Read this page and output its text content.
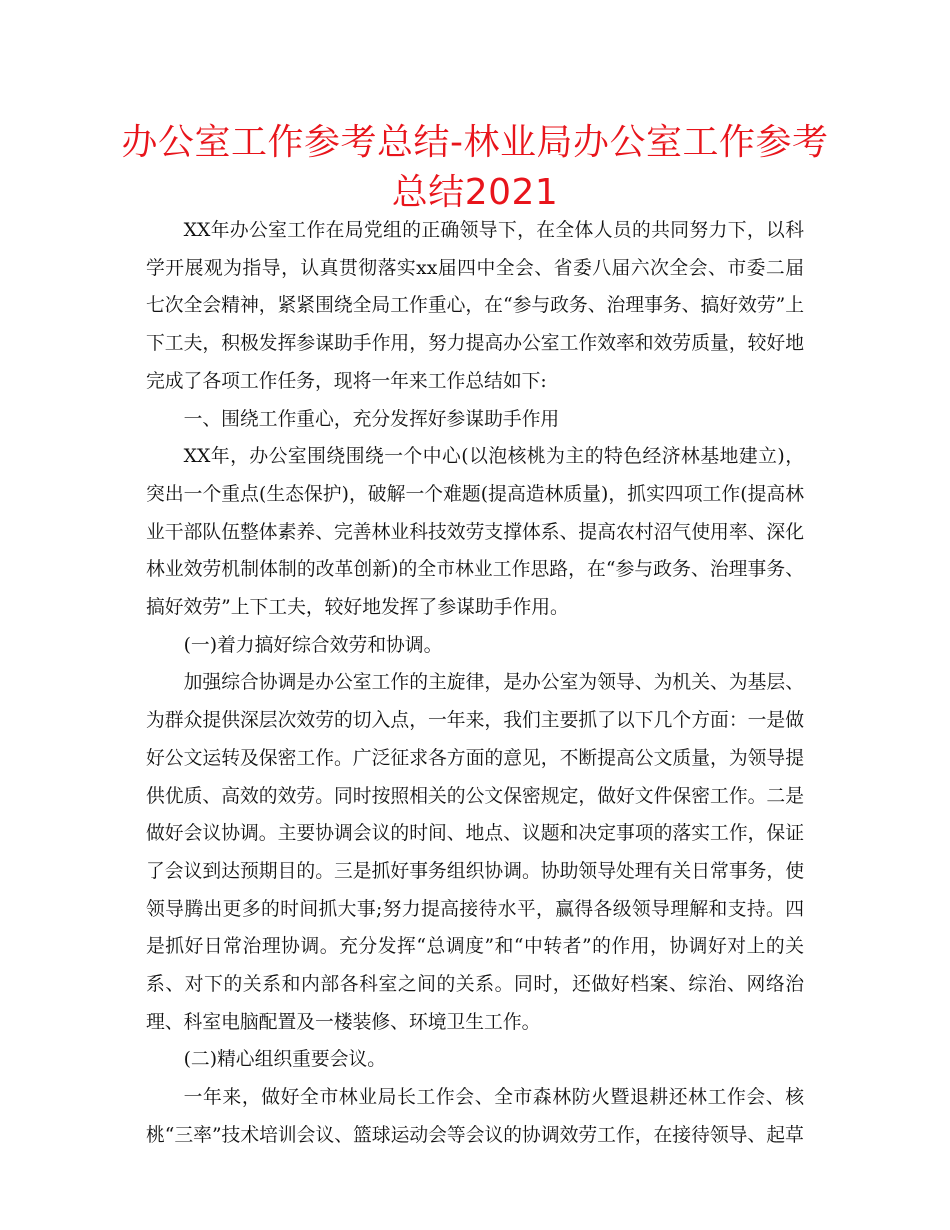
办公室工作参考总结-林业局办公室工作参考总结2021

XX年办公室工作在局党组的正确领导下，在全体人员的共同努力下，以科学开展观为指导，认真贯彻落实xx届四中全会、省委八届六次全会、市委二届七次全会精神，紧紧围绕全局工作重心，在“参与政务、治理事务、搞好效劳”上下工夫，积极发挥参谋助手作用，努力提高办公室工作效率和效劳质量，较好地完成了各项工作任务，现将一年来工作总结如下:

一、围绕工作重心，充分发挥好参谋助手作用

XX年，办公室围绕围绕一个中心(以泡核桃为主的特色经济林基地建立)，突出一个重点(生态保护)，破解一个难题(提高造林质量)，抓实四项工作(提高林业干部队伍整体素养、完善林业科技效劳支撑体系、提高农村沼气使用率、深化林业效劳机制体制的改革创新)的全市林业工作思路，在“参与政务、治理事务、搞好效劳”上下工夫，较好地发挥了参谋助手作用。

(一)着力搞好综合效劳和协调。

加强综合协调是办公室工作的主旋律，是办公室为领导、为机关、为基层、为群众提供深层次效劳的切入点，一年来，我们主要抓了以下几个方面：一是做好公文运转及保密工作。广泛征求各方面的意见，不断提高公文质量，为领导提供优质、高效的效劳。同时按照相关的公文保密规定，做好文件保密工作。二是做好会议协调。主要协调会议的时间、地点、议题和决定事项的落实工作，保证了会议到达预期目的。三是抓好事务组织协调。协助领导处理有关日常事务，使领导腾出更多的时间抓大事;努力提高接待水平，赢得各级领导理解和支持。四是抓好日常治理协调。充分发挥“总调度”和“中转者”的作用，协调好对上的关系、对下的关系和内部各科室之间的关系。同时，还做好档案、综治、网络治理、科室电脑配置及一楼装修、环境卫生工作。

(二)精心组织重要会议。

一年来，做好全市林业局长工作会、全市森林防火暨退耕还林工作会、核桃“三率”技术培训会议、篮球运动会等会议的协调效劳工作，在接待领导、起草
